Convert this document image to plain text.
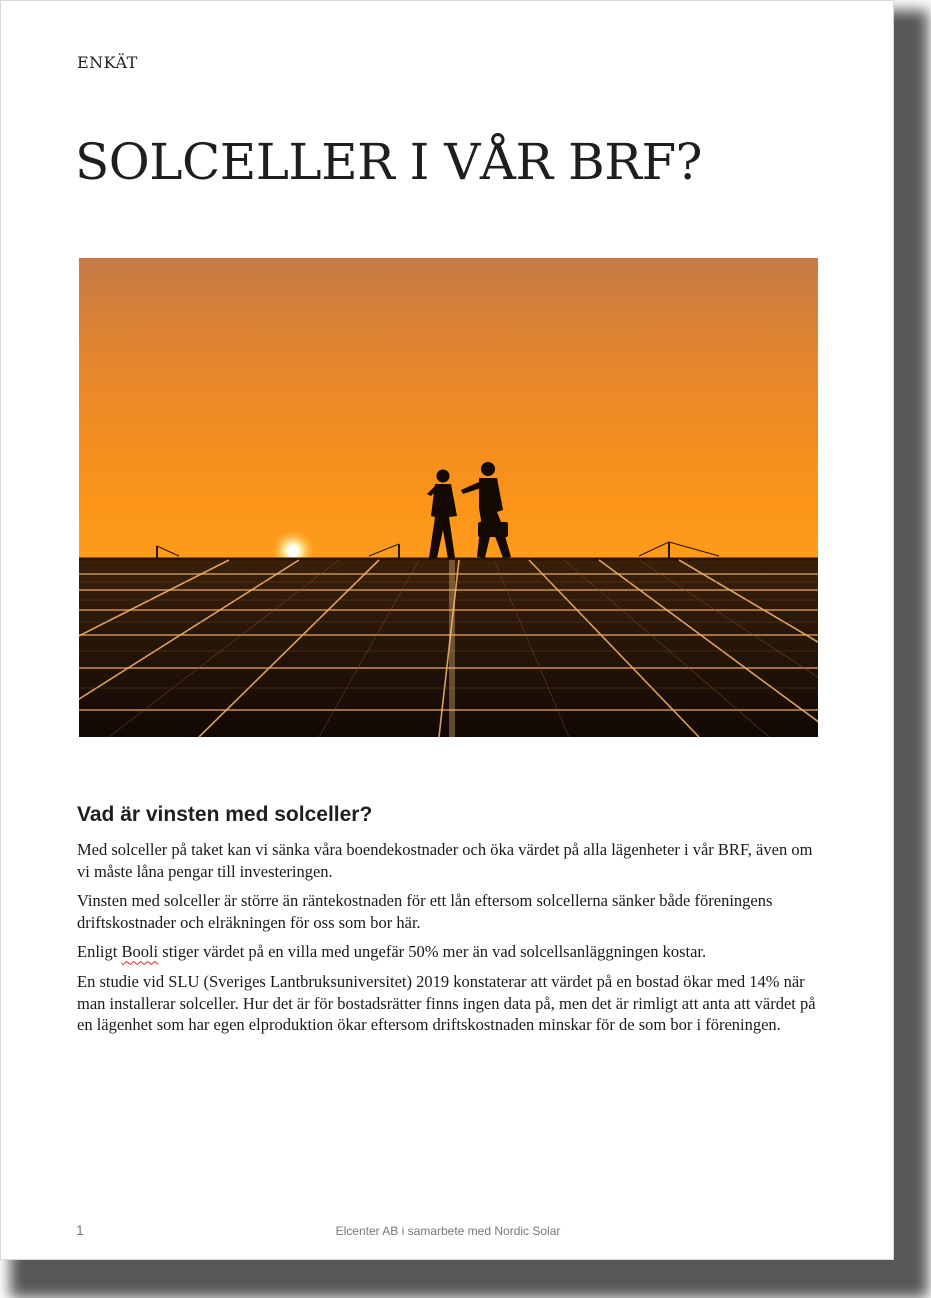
ENKÄT
SOLCELLER I VÅR BRF?
Vad är vinsten med solceller?

Med solceller på taket kan vi sänka våra boendekostnader och öka värdet på alla lägenheter i vår BRF, även om vi måste låna pengar till investeringen.

Vinsten med solceller är större än räntekostnaden för ett lån eftersom solcellerna sänker både föreningens driftskostnader och elräkningen för oss som bor här.

Enligt Booli stiger värdet på en villa med ungefär 50% mer än vad solcellsanläggningen kostar.

En studie vid SLU (Sveriges Lantbruksuniversitet) 2019 konstaterar att värdet på en bostad ökar med 14% när man installerar solceller. Hur det är för bostadsrätter finns ingen data på, men det är rimligt att anta att värdet på en lägenhet som har egen elproduktion ökar eftersom driftskostnaden minskar för de som bor i föreningen.

1	Elcenter AB i samarbete med Nordic Solar
